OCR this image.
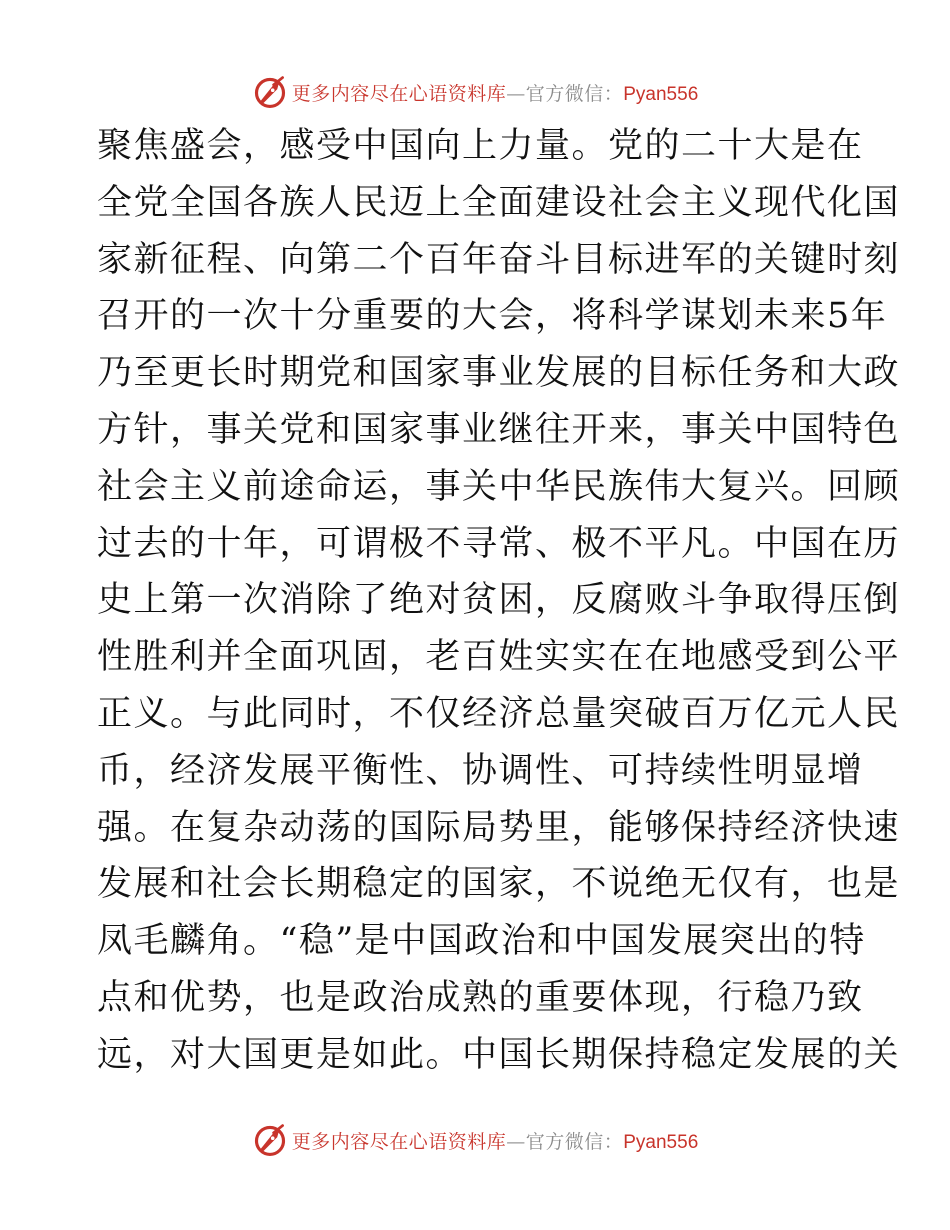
更多内容尽在心语资料库—官方微信：Pyan556
聚焦盛会，感受中国向上力量。党的二十大是在
全党全国各族人民迈上全面建设社会主义现代化国
家新征程、向第二个百年奋斗目标进军的关键时刻
召开的一次十分重要的大会，将科学谋划未来5年
乃至更长时期党和国家事业发展的目标任务和大政
方针，事关党和国家事业继往开来，事关中国特色
社会主义前途命运，事关中华民族伟大复兴。回顾
过去的十年，可谓极不寻常、极不平凡。中国在历
史上第一次消除了绝对贫困，反腐败斗争取得压倒
性胜利并全面巩固，老百姓实实在在地感受到公平
正义。与此同时，不仅经济总量突破百万亿元人民
币，经济发展平衡性、协调性、可持续性明显增
强。在复杂动荡的国际局势里，能够保持经济快速
发展和社会长期稳定的国家，不说绝无仅有，也是
凤毛麟角。“稳”是中国政治和中国发展突出的特
点和优势，也是政治成熟的重要体现，行稳乃致
远，对大国更是如此。中国长期保持稳定发展的关
更多内容尽在心语资料库—官方微信：Pyan556
